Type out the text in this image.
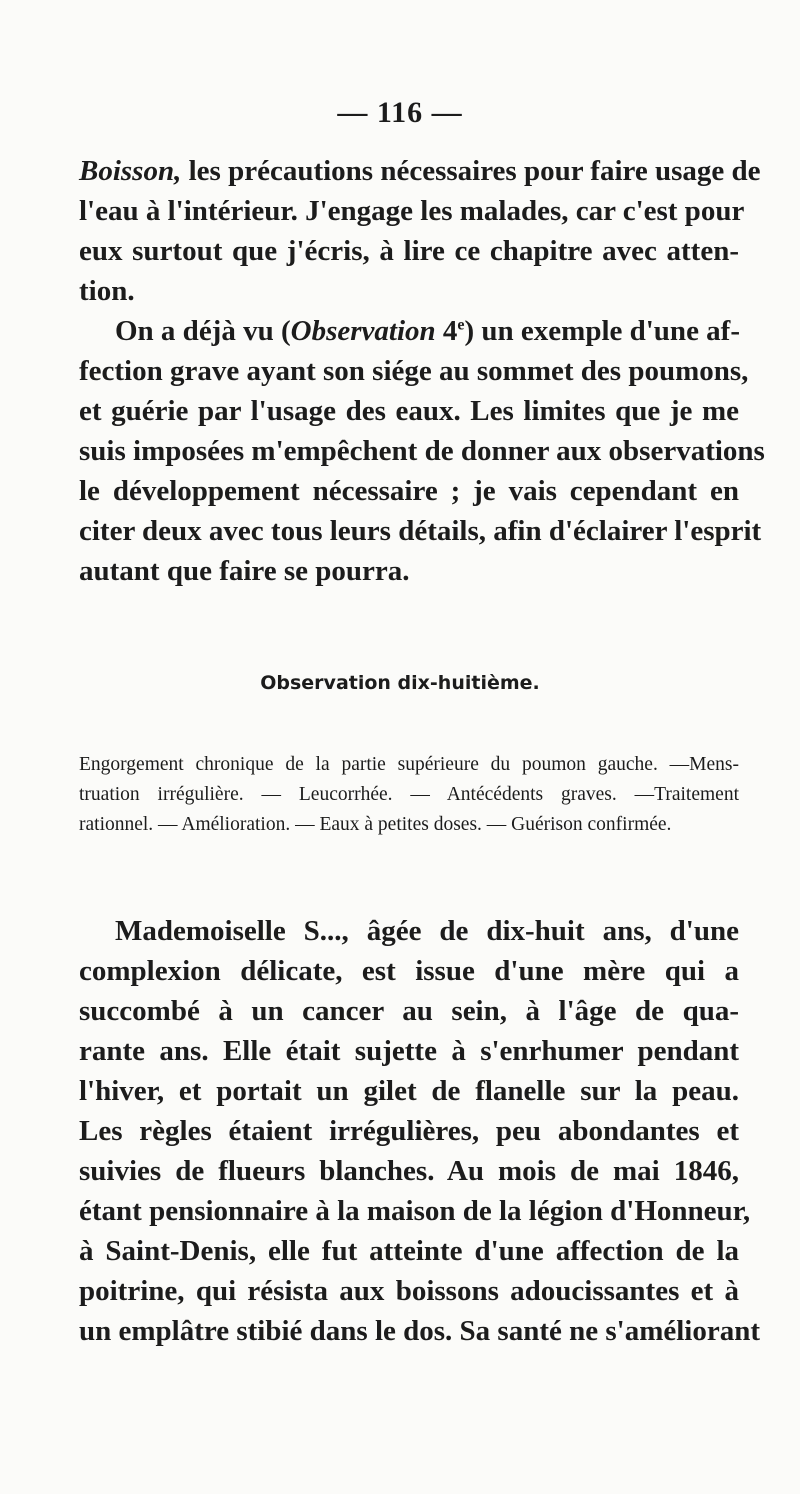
— 116 —
Boisson, les précautions nécessaires pour faire usage de
l'eau à l'intérieur. J'engage les malades, car c'est pour
eux surtout que j'écris, à lire ce chapitre avec atten-
tion.
On a déjà vu (Observation 4e) un exemple d'une af-
fection grave ayant son siége au sommet des poumons,
et guérie par l'usage des eaux. Les limites que je me
suis imposées m'empêchent de donner aux observations
le développement nécessaire ; je vais cependant en
citer deux avec tous leurs détails, afin d'éclairer l'esprit
autant que faire se pourra.
Observation dix-huitième.
Engorgement chronique de la partie supérieure du poumon gauche. —Mens-
truation irrégulière. — Leucorrhée. — Antécédents graves. —Traitement
rationnel. — Amélioration. — Eaux à petites doses. — Guérison confirmée.
Mademoiselle S..., âgée de dix-huit ans, d'une
complexion délicate, est issue d'une mère qui a
succombé à un cancer au sein, à l'âge de qua-
rante ans. Elle était sujette à s'enrhumer pendant
l'hiver, et portait un gilet de flanelle sur la peau.
Les règles étaient irrégulières, peu abondantes et
suivies de flueurs blanches. Au mois de mai 1846,
étant pensionnaire à la maison de la légion d'Honneur,
à Saint-Denis, elle fut atteinte d'une affection de la
poitrine, qui résista aux boissons adoucissantes et à
un emplâtre stibié dans le dos. Sa santé ne s'améliorant
